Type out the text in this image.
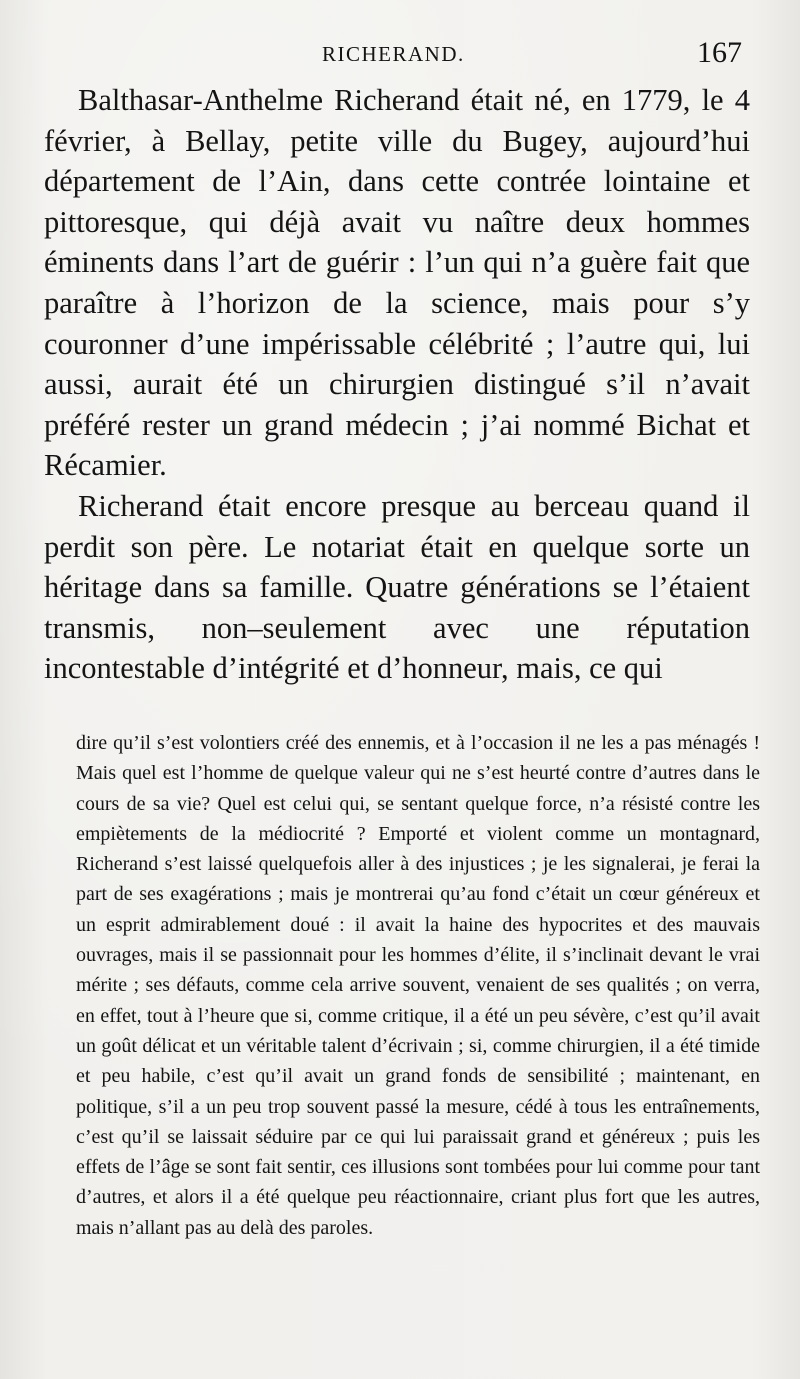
RICHERAND.	167

Balthasar-Anthelme Richerand était né, en 1779, le 4 février, à Bellay, petite ville du Bugey, aujourd’hui département de l’Ain, dans cette contrée lointaine et pittoresque, qui déjà avait vu naître deux hommes éminents dans l’art de guérir : l’un qui n’a guère fait que paraître à l’horizon de la science, mais pour s’y couronner d’une impérissable célébrité ; l’autre qui, lui aussi, aurait été un chirurgien distingué s’il n’avait préféré rester un grand médecin ; j’ai nommé Bichat et Récamier.

Richerand était encore presque au berceau quand il perdit son père. Le notariat était en quelque sorte un héritage dans sa famille. Quatre générations se l’étaient transmis, non–seulement avec une réputation incontestable d’intégrité et d’honneur, mais, ce qui

dire qu’il s’est volontiers créé des ennemis, et à l’occasion il ne les a pas ménagés ! Mais quel est l’homme de quelque valeur qui ne s’est heurté contre d’autres dans le cours de sa vie? Quel est celui qui, se sentant quelque force, n’a résisté contre les empiètements de la médiocrité ? Emporté et violent comme un montagnard, Richerand s’est laissé quelquefois aller à des injustices ; je les signalerai, je ferai la part de ses exagérations ; mais je montrerai qu’au fond c’était un cœur généreux et un esprit admirablement doué : il avait la haine des hypocrites et des mauvais ouvrages, mais il se passionnait pour les hommes d’élite, il s’inclinait devant le vrai mérite ; ses défauts, comme cela arrive souvent, venaient de ses qualités ; on verra, en effet, tout à l’heure que si, comme critique, il a été un peu sévère, c’est qu’il avait un goût délicat et un véritable talent d’écrivain ; si, comme chirurgien, il a été timide et peu habile, c’est qu’il avait un grand fonds de sensibilité ; maintenant, en politique, s’il a un peu trop souvent passé la mesure, cédé à tous les entraînements, c’est qu’il se laissait séduire par ce qui lui paraissait grand et généreux ; puis les effets de l’âge se sont fait sentir, ces illusions sont tombées pour lui comme pour tant d’autres, et alors il a été quelque peu réactionnaire, criant plus fort que les autres, mais n’allant pas au delà des paroles.
